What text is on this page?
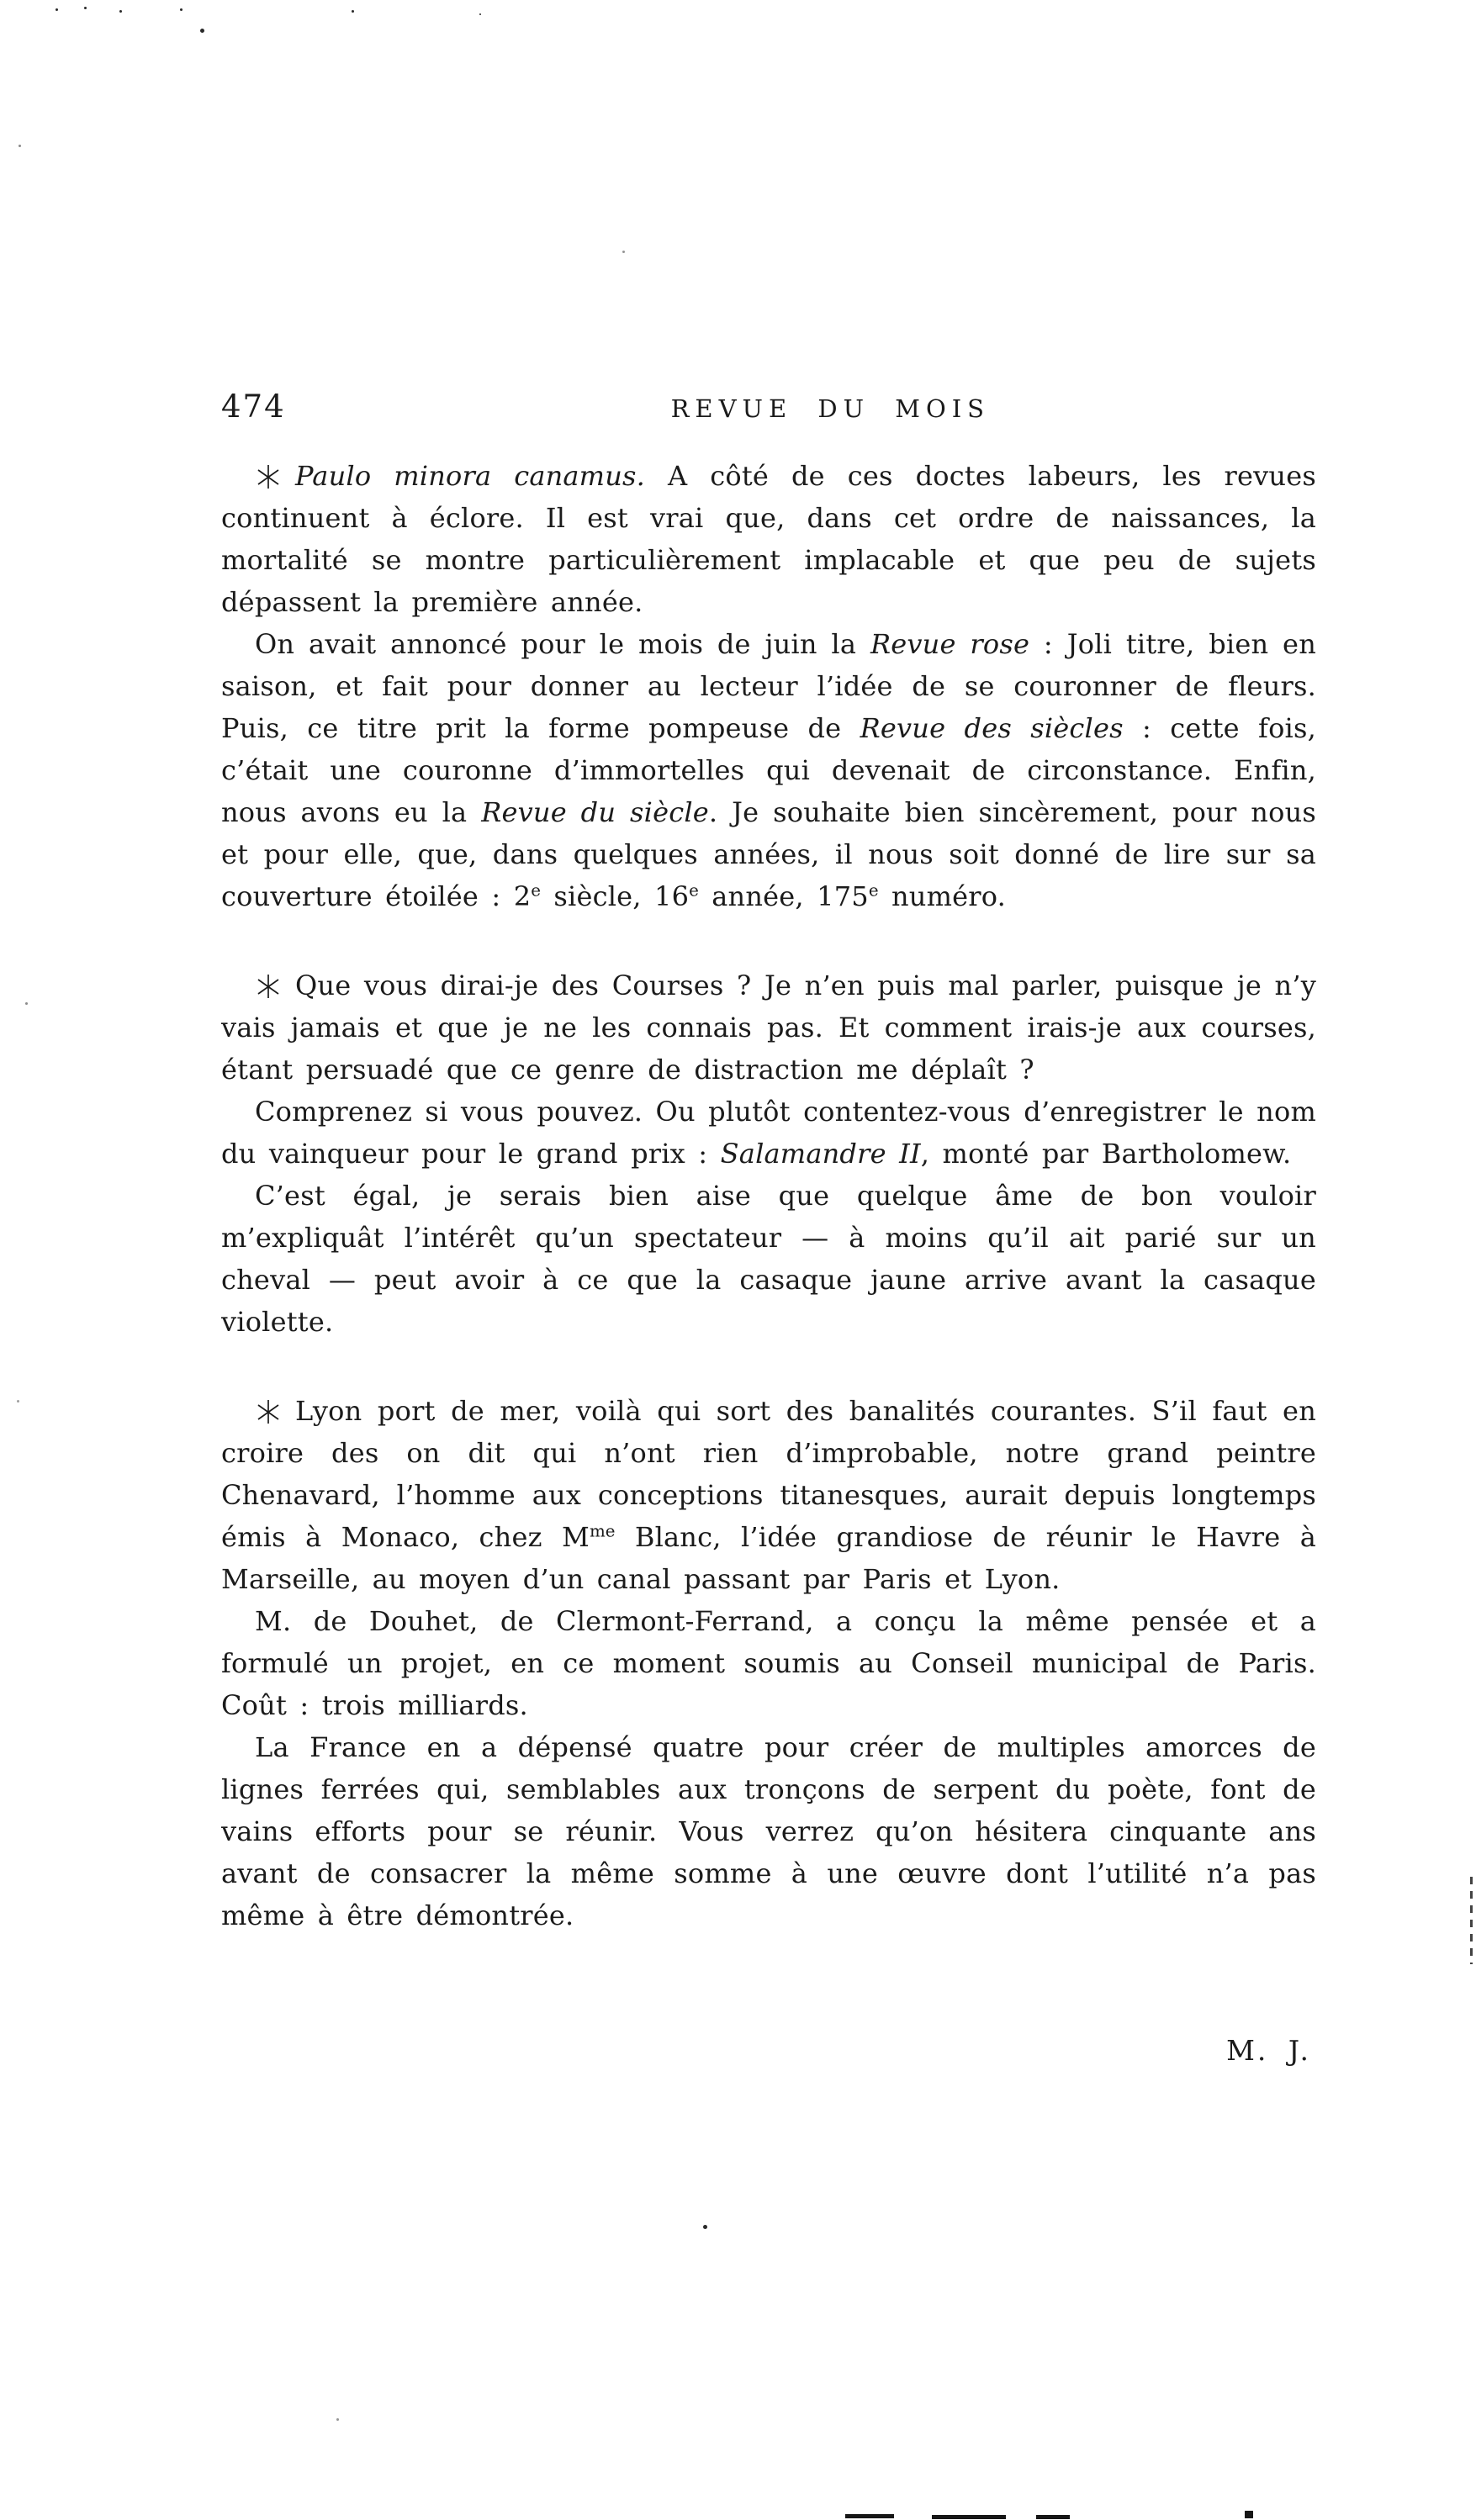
474	REVUE DU MOIS

Paulo minora canamus. A côté de ces doctes labeurs, les revues continuent à éclore. Il est vrai que, dans cet ordre de naissances, la mortalité se montre particulièrement implacable et que peu de sujets dépassent la première année.

On avait annoncé pour le mois de juin la Revue rose : Joli titre, bien en saison, et fait pour donner au lecteur l’idée de se couronner de fleurs. Puis, ce titre prit la forme pompeuse de Revue des siècles : cette fois, c’était une couronne d’immortelles qui devenait de circonstance. Enfin, nous avons eu la Revue du siècle. Je souhaite bien sincèrement, pour nous et pour elle, que, dans quelques années, il nous soit donné de lire sur sa couverture étoilée : 2e siècle, 16e année, 175e numéro.

Que vous dirai-je des Courses ? Je n’en puis mal parler, puisque je n’y vais jamais et que je ne les connais pas. Et comment irais-je aux courses, étant persuadé que ce genre de distraction me déplaît ?

Comprenez si vous pouvez. Ou plutôt contentez-vous d’enregistrer le nom du vainqueur pour le grand prix : Salamandre II, monté par Bartholomew.

C’est égal, je serais bien aise que quelque âme de bon vouloir m’expliquât l’intérêt qu’un spectateur — à moins qu’il ait parié sur un cheval — peut avoir à ce que la casaque jaune arrive avant la casaque violette.

Lyon port de mer, voilà qui sort des banalités courantes. S’il faut en croire des on dit qui n’ont rien d’improbable, notre grand peintre Chenavard, l’homme aux conceptions titanesques, aurait depuis longtemps émis à Monaco, chez $M^{me}$ Blanc, l’idée grandiose de réunir le Havre à Marseille, au moyen d’un canal passant par Paris et Lyon.

M. de Douhet, de Clermont-Ferrand, a conçu la même pensée et a formulé un projet, en ce moment soumis au Conseil municipal de Paris. Coût : trois milliards.

La France en a dépensé quatre pour créer de multiples amorces de lignes ferrées qui, semblables aux tronçons de serpent du poète, font de vains efforts pour se réunir. Vous verrez qu’on hésitera cinquante ans avant de consacrer la même somme à une œuvre dont l’utilité n’a pas même à être démontrée.

M. J.
